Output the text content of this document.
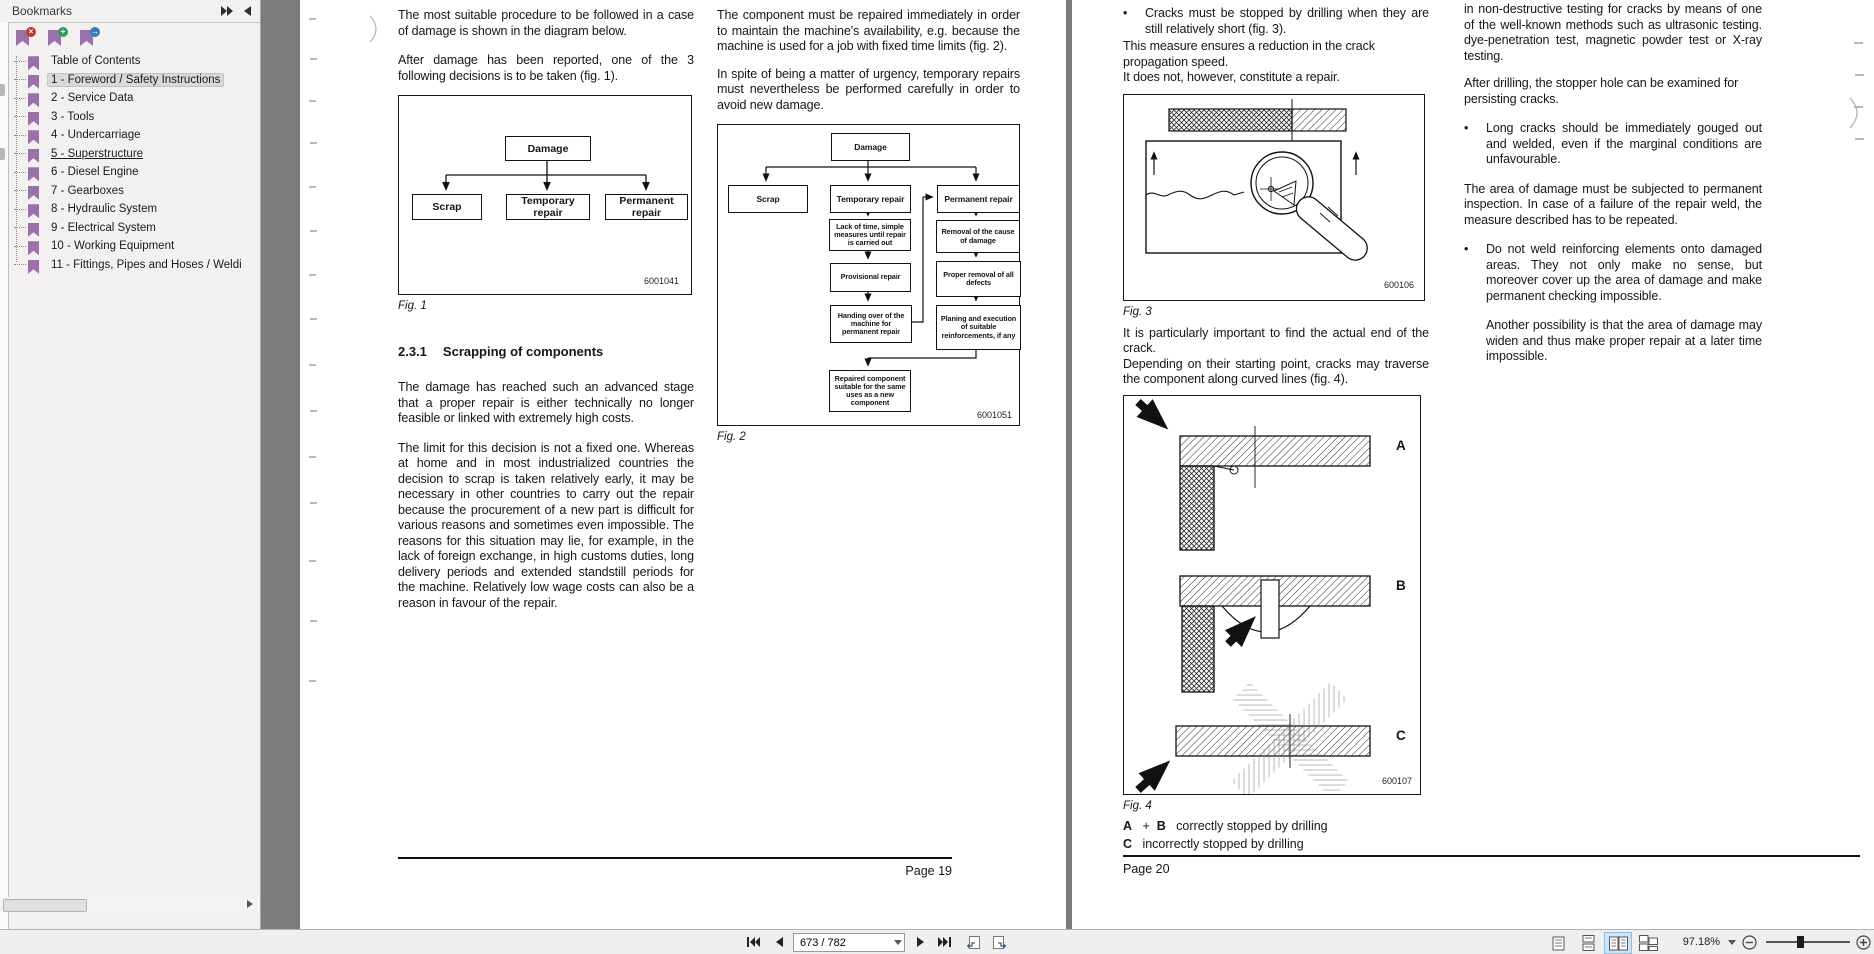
Bookmarks
×	+	→
Table of Contents
1 - Foreword / Safety Instructions
2 - Service Data
3 - Tools
4 - Undercarriage
5 - Superstructure
6 - Diesel Engine
7 - Gearboxes
8 - Hydraulic System
9 - Electrical System
10 - Working Equipment
11 - Fittings, Pipes and Hoses / Weldi

The most suitable procedure to be followed in a case of damage is shown in the diagram below.

After damage has been reported, one of the 3 following decisions is to be taken (fig. 1).

Damage
Scrap	Temporary repair
Permanent repair
6001041
Fig. 1
2.3.1 Scrapping of components

The damage has reached such an advanced stage that a proper repair is either technically no longer feasible or linked with extremely high costs.

The limit for this decision is not a fixed one. Whereas at home and in most industrialized countries the decision to scrap is taken relatively early, it may be necessary in other countries to carry out the repair because the procurement of a new part is difficult for various reasons and sometimes even impossible. The reasons for this situation may lie, for example, in the lack of foreign exchange, in high customs duties, long delivery periods and extended standstill periods for the machine. Relatively low wage costs can also be a reason in favour of the repair.

The component must be repaired immediately in order to maintain the machine's availability, e.g. because the machine is used for a job with fixed time limits (fig. 2).

In spite of being a matter of urgency, temporary repairs must nevertheless be performed carefully in order to avoid new damage.

Damage
Scrap	Temporary repair	Permanent repair
Lack of time, simple measures until repair is carried out
Provisional repair
Handing over of the machine for permanent repair
Removal of the cause of damage
Proper removal of all defects
Planing and execution of suitable reinforcements, if any
Repaired component suitable for the same uses as a new component
6001051
Fig. 2
Page 19
•	Cracks must be stopped by drilling when they are still relatively short (fig. 3).

This measure ensures a reduction in the crack propagation speed.

It does not, however, constitute a repair.

600106
Fig. 3

It is particularly important to find the actual end of the crack.

Depending on their starting point, cracks may traverse the component along curved lines (fig. 4).

A
B
C
600107
Fig. 4
A + B correctly stopped by drilling
C incorrectly stopped by drilling

in non-destructive testing for cracks by means of one of the well-known methods such as ultrasonic testing. dye-penetration test, magnetic powder test or X-ray testing.

After drilling, the stopper hole can be examined for persisting cracks.

•	Long cracks should be immediately gouged out and welded, even if the marginal conditions are unfavourable.

The area of damage must be subjected to permanent inspection. In case of a failure of the repair weld, the measure described has to be repeated.

•	Do not weld reinforcing elements onto damaged areas. They not only make no sense, but moreover cover up the area of damage and make permanent checking impossible.

Another possibility is that the area of damage may widen and thus make proper repair at a later time impossible.

Page 20
673 / 782
97.18%
